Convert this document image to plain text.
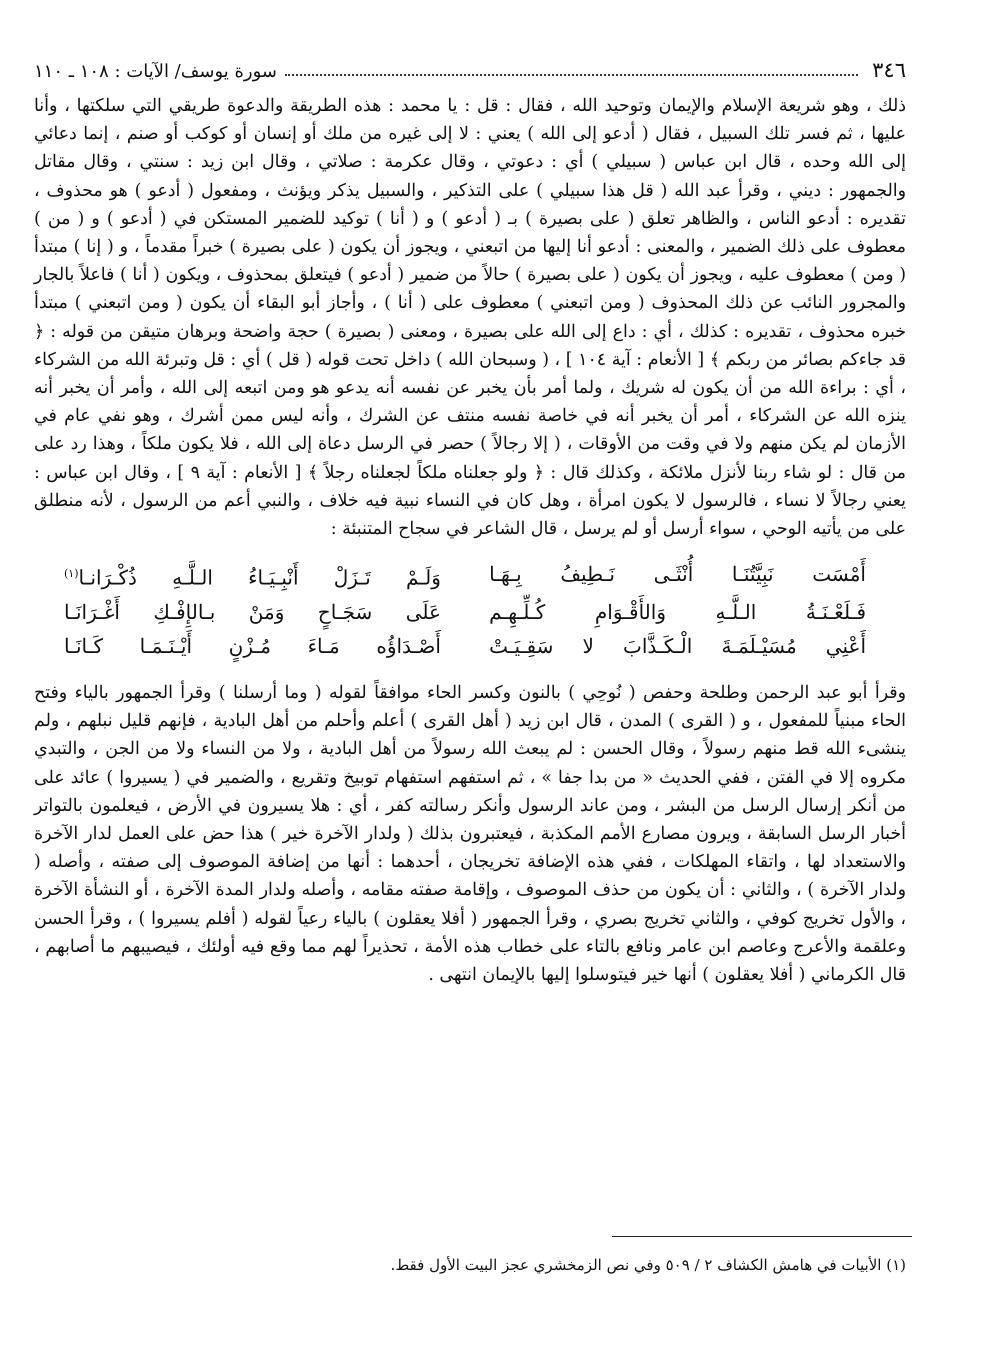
٣٤٦
سورة يوسف/ الآيات : ١٠٨ ـ ١١٠

ذلك ، وهو شريعة الإسلام والإيمان وتوحيد الله ، فقال : قل : يا محمد : هذه الطريقة والدعوة طريقي التي سلكتها ، وأنا عليها ، ثم فسر تلك السبيل ، فقال ( أدعو إلى الله ) يعني : لا إلى غيره من ملك أو إنسان أو كوكب أو صنم ، إنما دعائي إلى الله وحده ، قال ابن عباس ( سبيلي ) أي : دعوتي ، وقال عكرمة : صلاتي ، وقال ابن زيد : سنتي ، وقال مقاتل والجمهور : ديني ، وقرأ عبد الله ( قل هذا سبيلي ) على التذكير ، والسبيل يذكر ويؤنث ، ومفعول ( أدعو ) هو محذوف ، تقديره : أدعو الناس ، والظاهر تعلق ( على بصيرة ) بـ ( أدعو ) و ( أنا ) توكيد للضمير المستكن في ( أدعو ) و ( من ) معطوف على ذلك الضمير ، والمعنى : أدعو أنا إليها من اتبعني ، ويجوز أن يكون ( على بصيرة ) خبراً مقدماً ، و ( إنا ) مبتدأ ( ومن ) معطوف عليه ، ويجوز أن يكون ( على بصيرة ) حالاً من ضمير ( أدعو ) فيتعلق بمحذوف ، ويكون ( أنا ) فاعلاً بالجار والمجرور النائب عن ذلك المحذوف ( ومن اتبعني ) معطوف على ( أنا ) ، وأجاز أبو البقاء أن يكون ( ومن اتبعني ) مبتدأ خبره محذوف ، تقديره : كذلك ، أي : داع إلى الله على بصيرة ، ومعنى ( بصيرة ) حجة واضحة وبرهان متيقن من قوله : ﴿ قد جاءكم بصائر من ربكم ﴾ [ الأنعام : آية ١٠٤ ] ، ( وسبحان الله ) داخل تحت قوله ( قل ) أي : قل وتبرئة الله من الشركاء ، أي : براءة الله من أن يكون له شريك ، ولما أمر بأن يخبر عن نفسه أنه يدعو هو ومن اتبعه إلى الله ، وأمر أن يخبر أنه ينزه الله عن الشركاء ، أمر أن يخبر أنه في خاصة نفسه منتف عن الشرك ، وأنه ليس ممن أشرك ، وهو نفي عام في الأزمان لم يكن منهم ولا في وقت من الأوقات ، ( إلا رجالاً ) حصر في الرسل دعاة إلى الله ، فلا يكون ملكاً ، وهذا رد على من قال : لو شاء ربنا لأنزل ملائكة ، وكذلك قال : ﴿ ولو جعلناه ملكاً لجعلناه رجلاً ﴾ [ الأنعام : آية ٩ ] ، وقال ابن عباس : يعني رجالاً لا نساء ، فالرسول لا يكون امرأة ، وهل كان في النساء نبية فيه خلاف ، والنبي أعم من الرسول ، لأنه منطلق على من يأتيه الوحي ، سواء أرسل أو لم يرسل ، قال الشاعر في سجاح المتنبئة :

أَمْسَت نَبِيَّتُنَـا أُنْثَـى نَـطِيفُ بِـهَـا
وَلَـمْ تَـزَلْ أَنْبِـيَـاءُ الـلَّـهِ ذُكْـرَانـا$^{(١)}$
فَـلَعْـنَـةُ الـلَّـهِ وَالأَقْـوَامِ كُـلِّـهِـم
عَلَى سَجَـاحٍ وَمَنْ بـالإِفْـكِ أَغْـرَانَـا
أَعْنِي مُسَيْـلَمَـةَ الْـكَـذَّابَ لا سَقِـيَـتْ
أَصْـدَاؤُه مَـاءَ مُـزْنٍ أَيْـنَـمَـا كَـانَـا

وقرأ أبو عبد الرحمن وطلحة وحفص ( نُوحِي ) بالنون وكسر الحاء موافقاً لقوله ( وما أرسلنا ) وقرأ الجمهور بالياء وفتح الحاء مبنياً للمفعول ، و ( القرى ) المدن ، قال ابن زيد ( أهل القرى ) أعلم وأحلم من أهل البادية ، فإنهم قليل نبلهم ، ولم ينشىء الله قط منهم رسولاً ، وقال الحسن : لم يبعث الله رسولاً من أهل البادية ، ولا من النساء ولا من الجن ، والتبدي مكروه إلا في الفتن ، ففي الحديث « من بدا جفا » ، ثم استفهم استفهام توبيخ وتقريع ، والضمير في ( يسيروا ) عائد على من أنكر إرسال الرسل من البشر ، ومن عاند الرسول وأنكر رسالته كفر ، أي : هلا يسيرون في الأرض ، فيعلمون بالتواتر أخبار الرسل السابقة ، ويرون مصارع الأمم المكذبة ، فيعتبرون بذلك ( ولدار الآخرة خير ) هذا حض على العمل لدار الآخرة والاستعداد لها ، واتقاء المهلكات ، ففي هذه الإضافة تخريجان ، أحدهما : أنها من إضافة الموصوف إلى صفته ، وأصله ( ولدار الآخرة ) ، والثاني : أن يكون من حذف الموصوف ، وإقامة صفته مقامه ، وأصله ولدار المدة الآخرة ، أو النشأة الآخرة ، والأول تخريج كوفي ، والثاني تخريج بصري ، وقرأ الجمهور ( أفلا يعقلون ) بالياء رعياً لقوله ( أفلم يسيروا ) ، وقرأ الحسن وعلقمة والأعرج وعاصم ابن عامر ونافع بالتاء على خطاب هذه الأمة ، تحذيراً لهم مما وقع فيه أولئك ، فيصيبهم ما أصابهم ، قال الكرماني ( أفلا يعقلون ) أنها خير فيتوسلوا إليها بالإيمان انتهى .

(١) الأبيات في هامش الكشاف ٢ / ٥٠٩ وفي نص الزمخشري عجز البيت الأول فقط.
